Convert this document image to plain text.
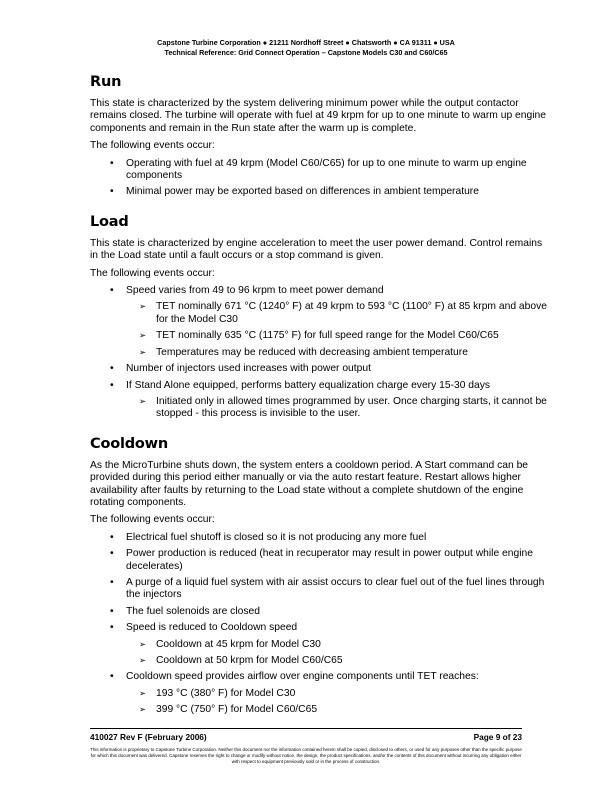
Capstone Turbine Corporation ● 21211 Nordhoff Street ● Chatsworth ● CA 91311 ● USA
Technical Reference: Grid Connect Operation – Capstone Models C30 and C60/C65
Run

This state is characterized by the system delivering minimum power while the output contactor remains closed. The turbine will operate with fuel at 49 krpm for up to one minute to warm up engine components and remain in the Run state after the warm up is complete.

The following events occur:

• Operating with fuel at 49 krpm (Model C60/C65) for up to one minute to warm up engine components
• Minimal power may be exported based on differences in ambient temperature
Load

This state is characterized by engine acceleration to meet the user power demand. Control remains in the Load state until a fault occurs or a stop command is given.

The following events occur:

• Speed varies from 49 to 96 krpm to meet power demand
➢ TET nominally 671 °C (1240° F) at 49 krpm to 593 °C (1100° F) at 85 krpm and above for the Model C30
➢ TET nominally 635 °C (1175° F) for full speed range for the Model C60/C65
➢ Temperatures may be reduced with decreasing ambient temperature
• Number of injectors used increases with power output
• If Stand Alone equipped, performs battery equalization charge every 15-30 days
➢ Initiated only in allowed times programmed by user. Once charging starts, it cannot be stopped - this process is invisible to the user.
Cooldown

As the MicroTurbine shuts down, the system enters a cooldown period. A Start command can be provided during this period either manually or via the auto restart feature. Restart allows higher availability after faults by returning to the Load state without a complete shutdown of the engine rotating components.

The following events occur:

• Electrical fuel shutoff is closed so it is not producing any more fuel
• Power production is reduced (heat in recuperator may result in power output while engine decelerates)
• A purge of a liquid fuel system with air assist occurs to clear fuel out of the fuel lines through the injectors
• The fuel solenoids are closed
• Speed is reduced to Cooldown speed
➢ Cooldown at 45 krpm for Model C30
➢ Cooldown at 50 krpm for Model C60/C65
• Cooldown speed provides airflow over engine components until TET reaches:
➢ 193 °C (380° F) for Model C30
➢ 399 °C (750° F) for Model C60/C65
410027 Rev F (February 2006)	Page 9 of 23
This information is proprietary to Capstone Turbine Corporation. Neither this document nor the information contained herein shall be copied, disclosed to others, or used for any purposes other than the specific purpose for which this document was delivered. Capstone reserves the right to change or modify without notice, the design, the product specifications, and/or the contents of this document without incurring any obligation either with respect to equipment previously sold or in the process of construction.
